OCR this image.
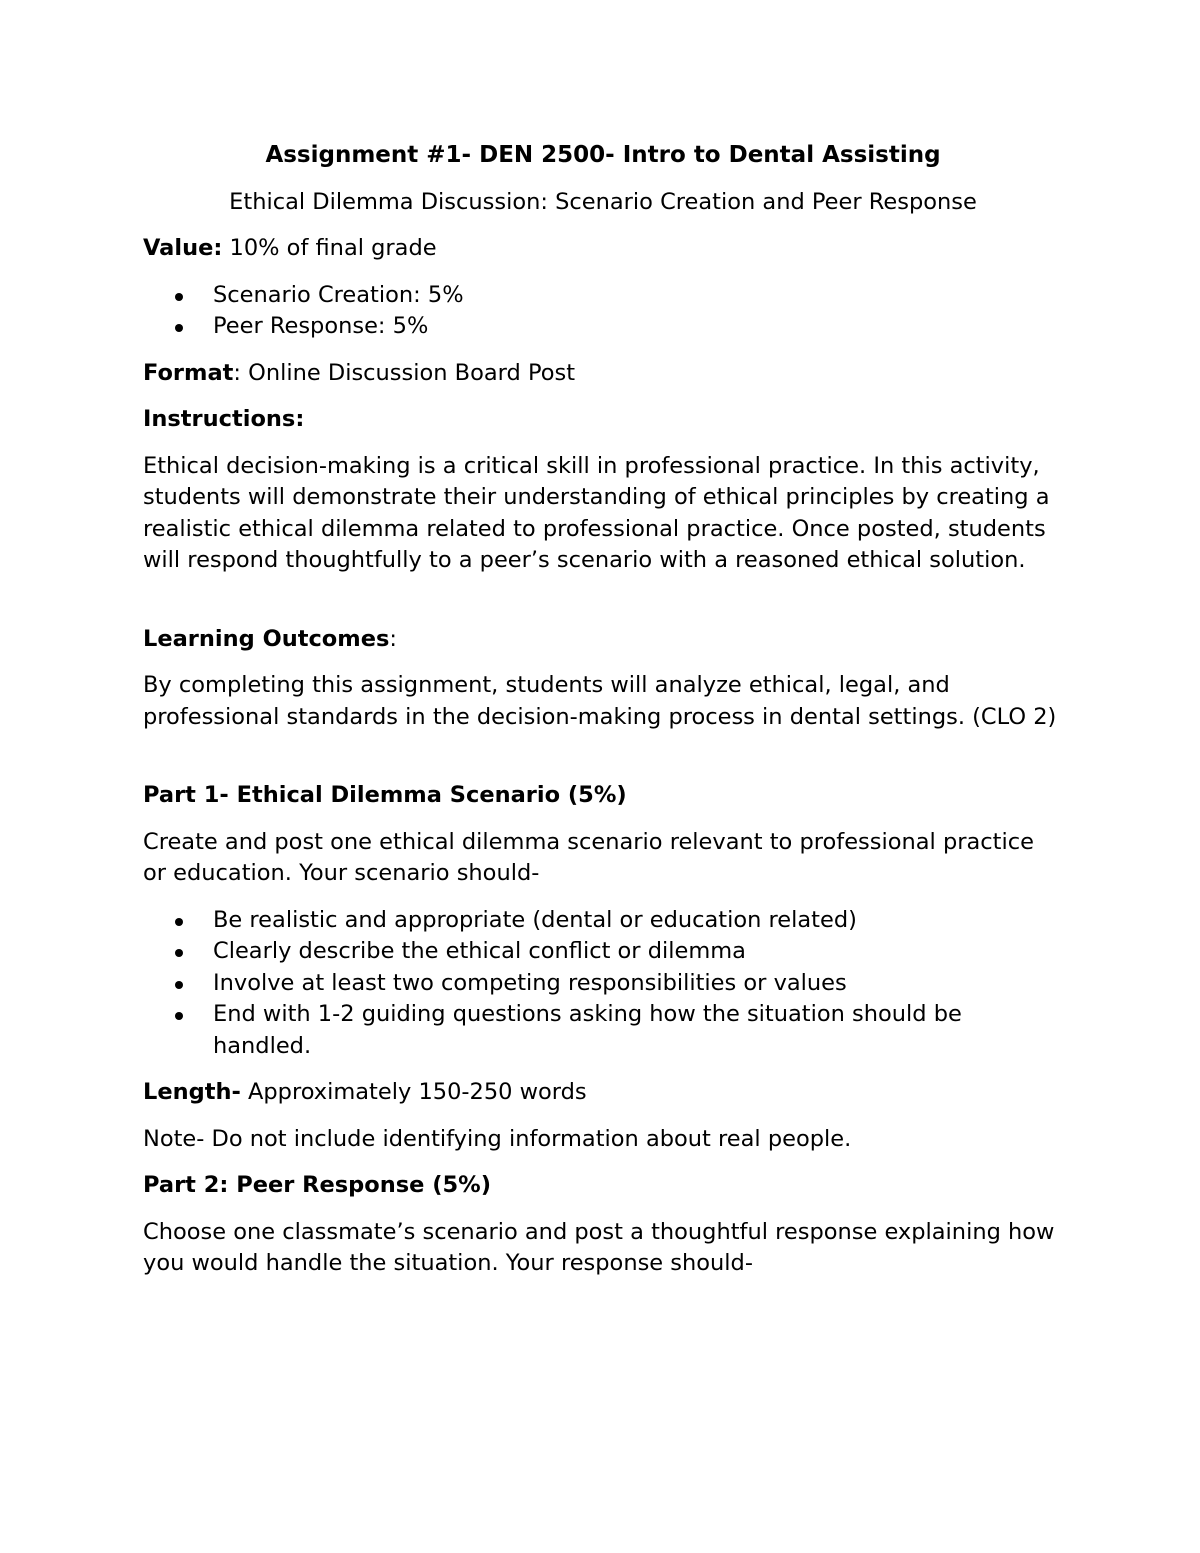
Assignment #1- DEN 2500- Intro to Dental Assisting

Ethical Dilemma Discussion: Scenario Creation and Peer Response

Value: 10% of final grade

Scenario Creation: 5%
Peer Response: 5%

Format: Online Discussion Board Post

Instructions:

Ethical decision-making is a critical skill in professional practice. In this activity, students will demonstrate their understanding of ethical principles by creating a realistic ethical dilemma related to professional practice. Once posted, students will respond thoughtfully to a peer’s scenario with a reasoned ethical solution.

Learning Outcomes:

By completing this assignment, students will analyze ethical, legal, and professional standards in the decision-making process in dental settings. (CLO 2)

Part 1- Ethical Dilemma Scenario (5%)

Create and post one ethical dilemma scenario relevant to professional practice or education. Your scenario should-

Be realistic and appropriate (dental or education related)
Clearly describe the ethical conflict or dilemma
Involve at least two competing responsibilities or values
End with 1-2 guiding questions asking how the situation should be handled.

Length- Approximately 150-250 words

Note- Do not include identifying information about real people.

Part 2: Peer Response (5%)

Choose one classmate’s scenario and post a thoughtful response explaining how you would handle the situation. Your response should-
